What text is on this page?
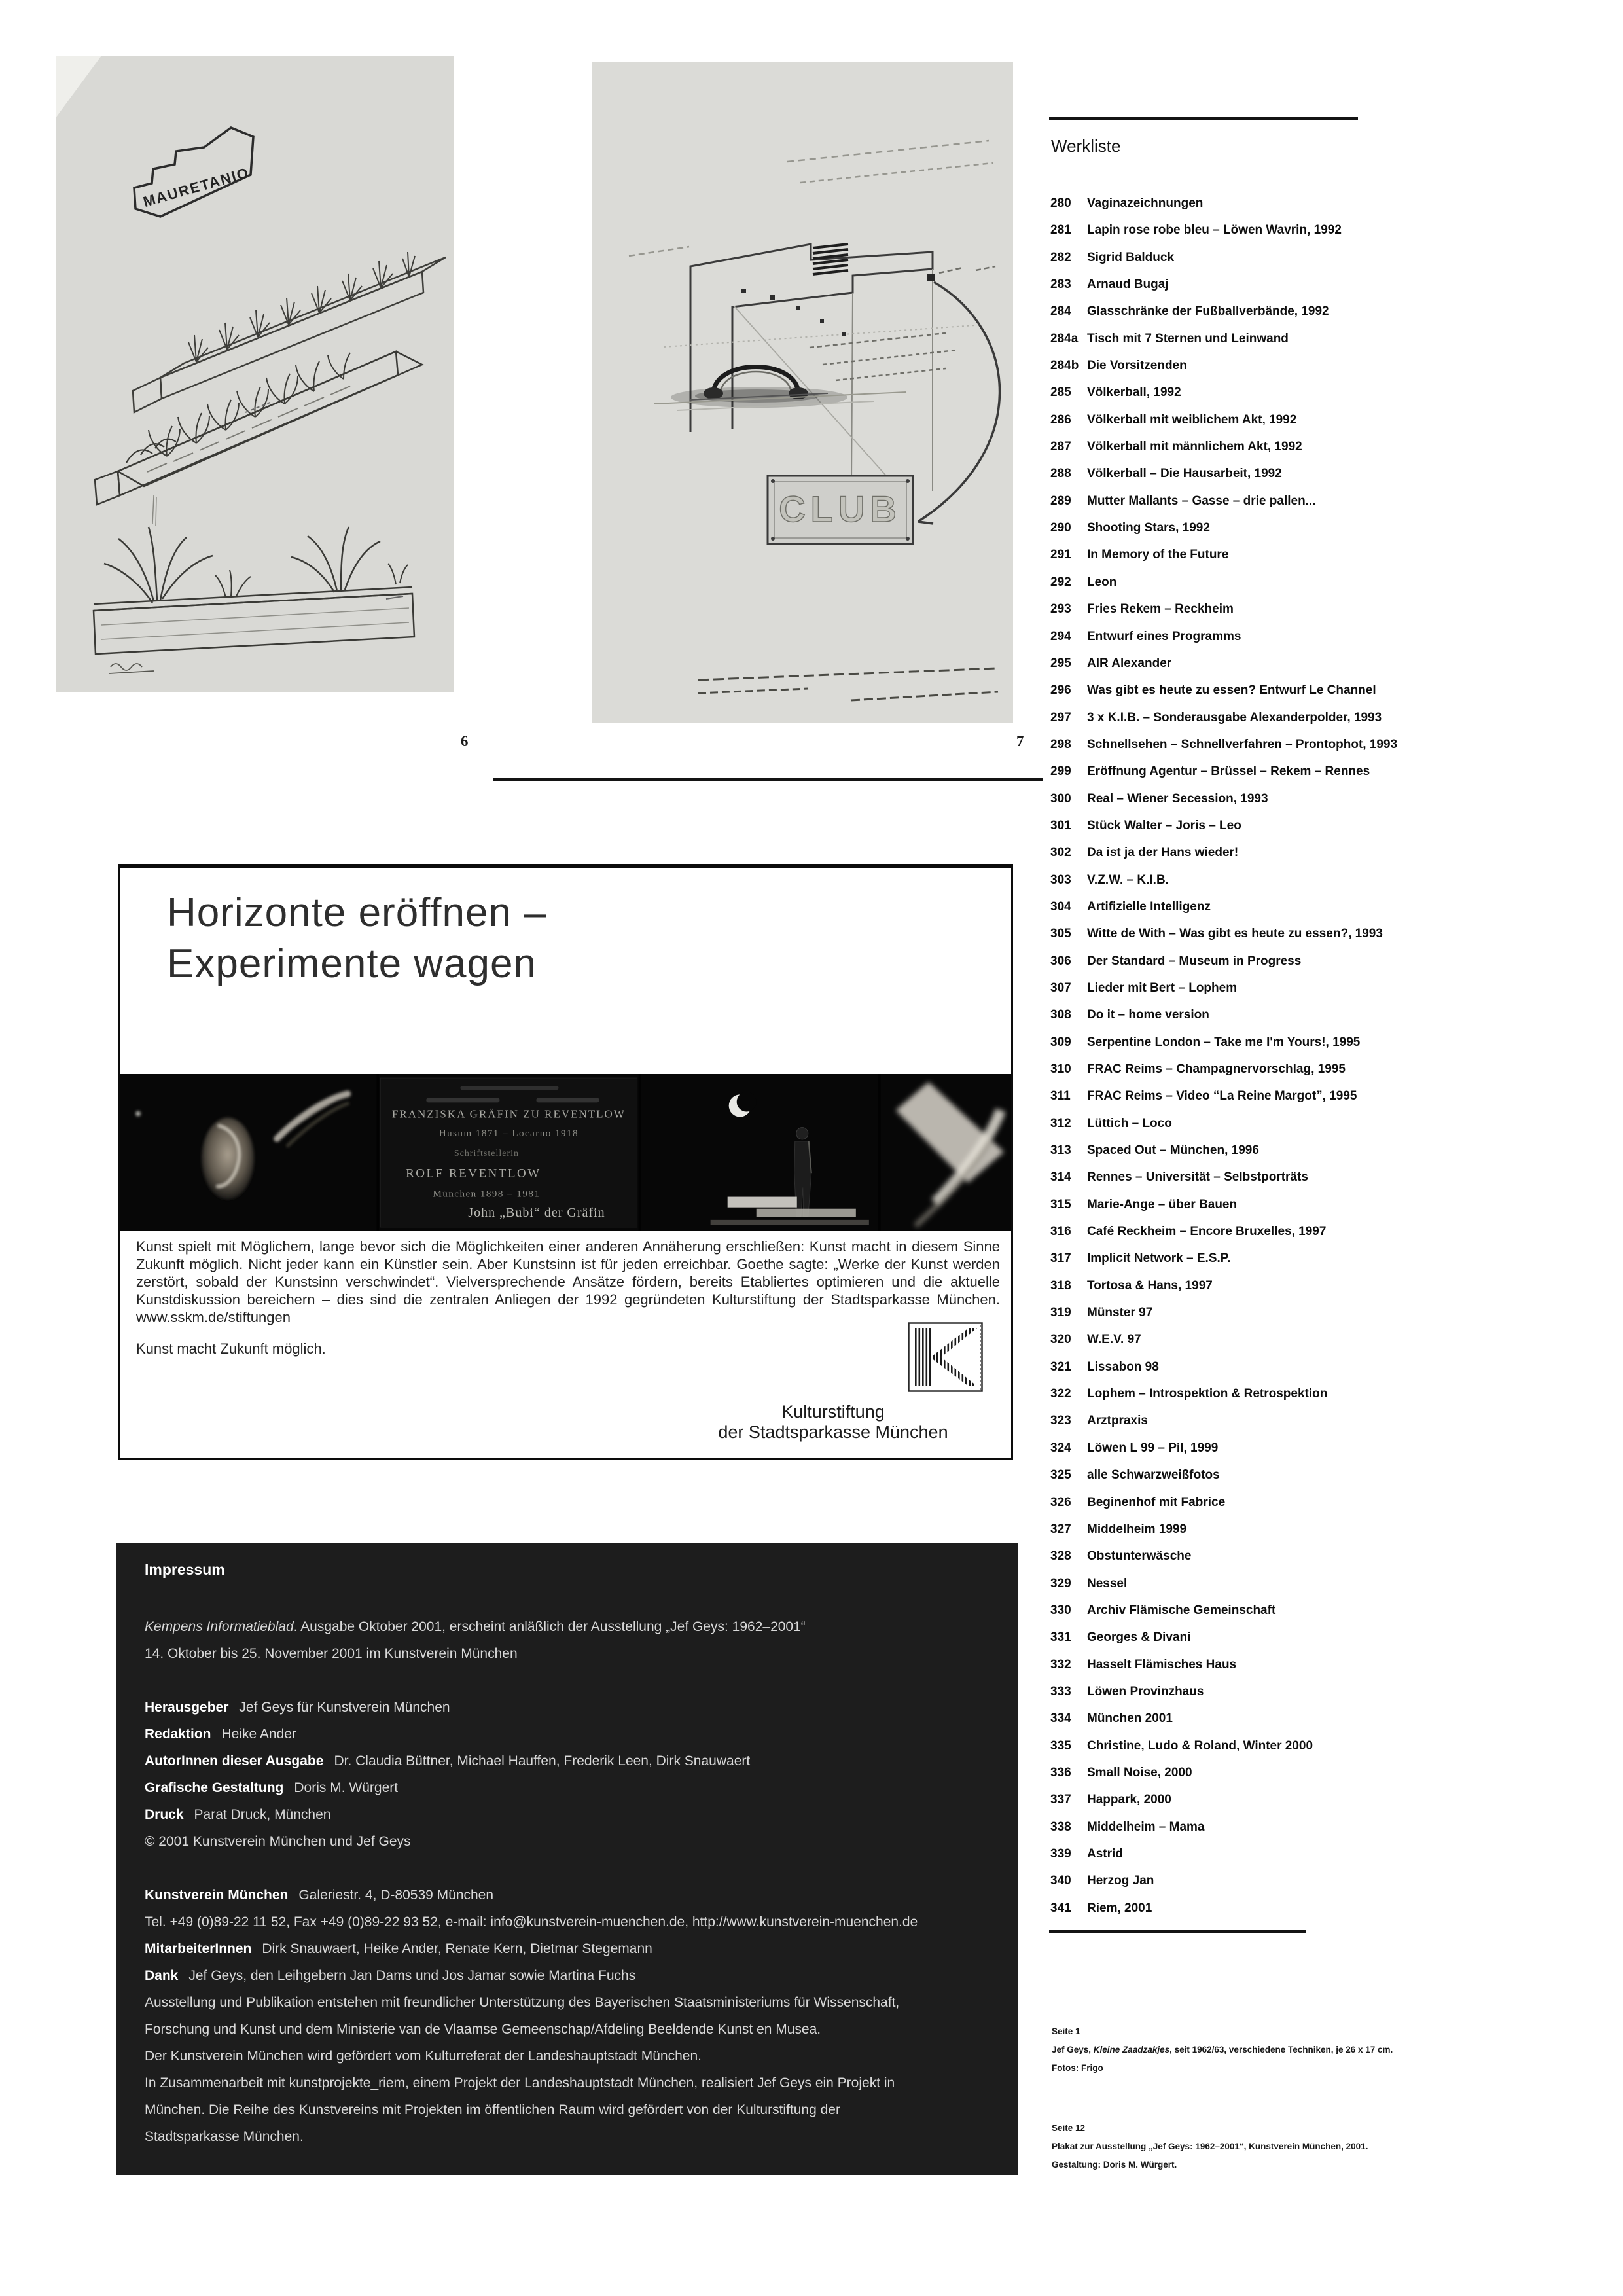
MAURETANIO
CLUB
6	7
Werkliste
280	Vaginazeichnungen
281	Lapin rose robe bleu – Löwen Wavrin, 1992
282	Sigrid Balduck
283	Arnaud Bugaj
284	Glasschränke der Fußballverbände, 1992
284a Tisch mit 7 Sternen und Leinwand
284b Die Vorsitzenden
285	Völkerball, 1992
286	Völkerball mit weiblichem Akt, 1992
287	Völkerball mit männlichem Akt, 1992
288	Völkerball – Die Hausarbeit, 1992
289	Mutter Mallants – Gasse – drie pallen...
290	Shooting Stars, 1992
291	In Memory of the Future
292	Leon
293	Fries Rekem – Reckheim
294	Entwurf eines Programms
295	AIR Alexander
296	Was gibt es heute zu essen? Entwurf Le Channel
297	3 x K.I.B. – Sonderausgabe Alexanderpolder, 1993
298	Schnellsehen – Schnellverfahren – Prontophot, 1993
299	Eröffnung Agentur – Brüssel – Rekem – Rennes
300	Real – Wiener Secession, 1993
301	Stück Walter – Joris – Leo
302	Da ist ja der Hans wieder!
303	V.Z.W. – K.I.B.
304	Artifizielle Intelligenz
305	Witte de With – Was gibt es heute zu essen?, 1993
306	Der Standard – Museum in Progress
307	Lieder mit Bert – Lophem
308	Do it – home version
309	Serpentine London – Take me I'm Yours!, 1995
310	FRAC Reims – Champagnervorschlag, 1995
311	FRAC Reims – Video “La Reine Margot”, 1995
312	Lüttich – Loco
313	Spaced Out – München, 1996
314	Rennes – Universität – Selbstporträts
315	Marie-Ange – über Bauen
316	Café Reckheim – Encore Bruxelles, 1997
317	Implicit Network – E.S.P.
318	Tortosa & Hans, 1997
319	Münster 97
320	W.E.V. 97
321	Lissabon 98
322	Lophem – Introspektion & Retrospektion
323	Arztpraxis
324	Löwen L 99 – Pil, 1999
325	alle Schwarzweißfotos
326	Beginenhof mit Fabrice
327	Middelheim 1999
328	Obstunterwäsche
329	Nessel
330	Archiv Flämische Gemeinschaft
331	Georges & Divani
332	Hasselt Flämisches Haus
333	Löwen Provinzhaus
334	München 2001
335	Christine, Ludo & Roland, Winter 2000
336	Small Noise, 2000
337	Happark, 2000
338	Middelheim – Mama
339	Astrid
340	Herzog Jan
341	Riem, 2001
Seite 1
Jef Geys, Kleine Zaadzakjes, seit 1962/63, verschiedene Techniken, je 26 x 17 cm.
Fotos: Frigo
Seite 12
Plakat zur Ausstellung „Jef Geys: 1962–2001“, Kunstverein München, 2001.
Gestaltung: Doris M. Würgert.
Horizonte eröffnen –
Experimente wagen
FRANZISKA GRÄFIN ZU REVENTLOW
Husum 1871 – Locarno 1918
Schriftstellerin
ROLF REVENTLOW
München 1898 – 1981
John „Bubi“ der Gräfin

Kunst spielt mit Möglichem, lange bevor sich die Möglichkeiten einer anderen Annäherung erschließen: Kunst macht in diesem Sinne Zukunft möglich. Nicht jeder kann ein Künstler sein. Aber Kunstsinn ist für jeden erreichbar. Goethe sagte: „Werke der Kunst werden zerstört, sobald der Kunstsinn verschwindet“. Vielversprechende Ansätze fördern, bereits Etabliertes optimieren und die aktuelle Kunstdiskussion bereichern – dies sind die zentralen Anliegen der 1992 gegründeten Kulturstiftung der Stadtsparkasse München. www.sskm.de/stiftungen

Kunst macht Zukunft möglich.
Kulturstiftung
der Stadtsparkasse München
Impressum
Kempens Informatieblad. Ausgabe Oktober 2001, erscheint anläßlich der Ausstellung „Jef Geys: 1962–2001“
14. Oktober bis 25. November 2001 im Kunstverein München
Herausgeber Jef Geys für Kunstverein München
Redaktion Heike Ander
AutorInnen dieser Ausgabe Dr. Claudia Büttner, Michael Hauffen, Frederik Leen, Dirk Snauwaert
Grafische Gestaltung Doris M. Würgert
Druck Parat Druck, München
© 2001 Kunstverein München und Jef Geys
Kunstverein München Galeriestr. 4, D-80539 München
Tel. +49 (0)89-22 11 52, Fax +49 (0)89-22 93 52, e-mail: info@kunstverein-muenchen.de, http://www.kunstverein-muenchen.de
MitarbeiterInnen Dirk Snauwaert, Heike Ander, Renate Kern, Dietmar Stegemann
Dank Jef Geys, den Leihgebern Jan Dams und Jos Jamar sowie Martina Fuchs
Ausstellung und Publikation entstehen mit freundlicher Unterstützung des Bayerischen Staatsministeriums für Wissenschaft,
Forschung und Kunst und dem Ministerie van de Vlaamse Gemeenschap/Afdeling Beeldende Kunst en Musea.
Der Kunstverein München wird gefördert vom Kulturreferat der Landeshauptstadt München.
In Zusammenarbeit mit kunstprojekte_riem, einem Projekt der Landeshauptstadt München, realisiert Jef Geys ein Projekt in
München. Die Reihe des Kunstvereins mit Projekten im öffentlichen Raum wird gefördert von der Kulturstiftung der
Stadtsparkasse München.
